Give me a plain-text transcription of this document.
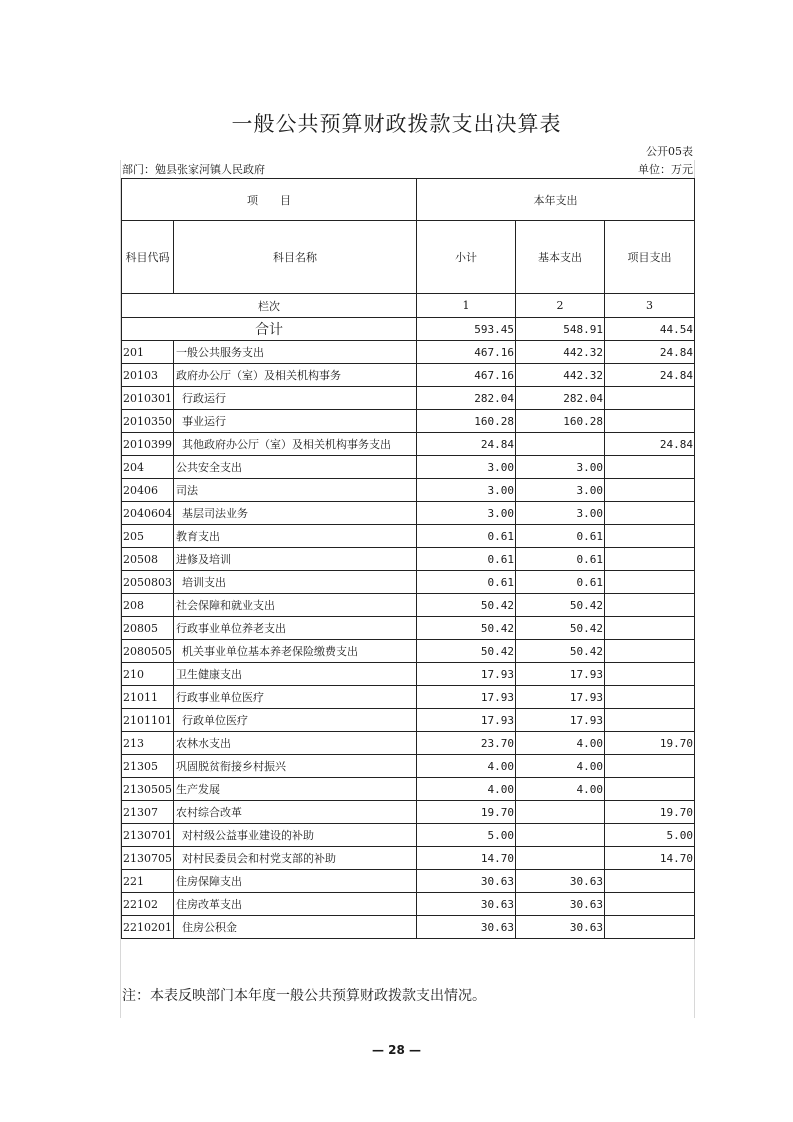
一般公共预算财政拨款支出决算表
公开05表
部门：勉县张家河镇人民政府	单位：万元
项　　目		本年支出		
科目代码	科目名称	小计	基本支出	项目支出
栏次		1	2	3
合计		593.45	548.91	44.54
201	一般公共服务支出	467.16	442.32	24.84
20103	政府办公厅（室）及相关机构事务	467.16	442.32	24.84
2010301	行政运行	282.04	282.04	
2010350	事业运行	160.28	160.28	
2010399	其他政府办公厅（室）及相关机构事务支出	24.84		24.84
204	公共安全支出	3.00	3.00	
20406	司法	3.00	3.00	
2040604	基层司法业务	3.00	3.00	
205	教育支出	0.61	0.61	
20508	进修及培训	0.61	0.61	
2050803	培训支出	0.61	0.61	
208	社会保障和就业支出	50.42	50.42	
20805	行政事业单位养老支出	50.42	50.42	
2080505	机关事业单位基本养老保险缴费支出	50.42	50.42	
210	卫生健康支出	17.93	17.93	
21011	行政事业单位医疗	17.93	17.93	
2101101	行政单位医疗	17.93	17.93	
213	农林水支出	23.70	4.00	19.70
21305	巩固脱贫衔接乡村振兴	4.00	4.00	
2130505	生产发展	4.00	4.00	
21307	农村综合改革	19.70		19.70
2130701	对村级公益事业建设的补助	5.00		5.00
2130705	对村民委员会和村党支部的补助	14.70		14.70
221	住房保障支出	30.63	30.63	
22102	住房改革支出	30.63	30.63	
2210201	住房公积金	30.63	30.63	

注：本表反映部门本年度一般公共预算财政拨款支出情况。
— 28 —
